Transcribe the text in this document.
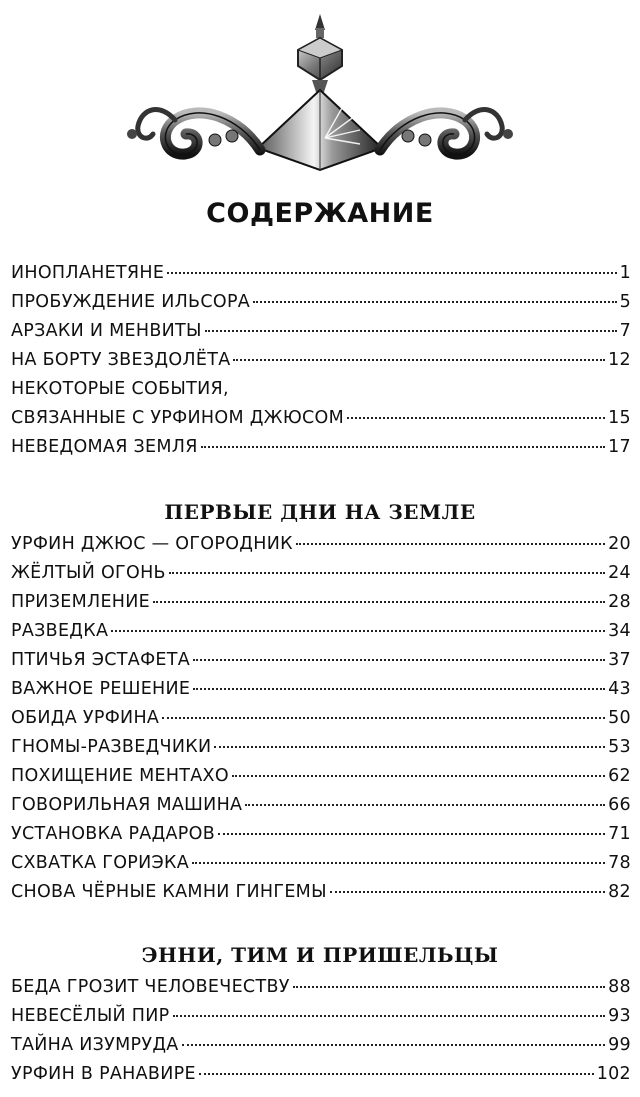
СОДЕРЖАНИЕ
ИНОПЛАНЕТЯНЕ	1
ПРОБУЖДЕНИЕ ИЛЬСОРА	5
АРЗАКИ И МЕНВИТЫ	7
НА БОРТУ ЗВЕЗДОЛЁТА	12
НЕКОТОРЫЕ СОБЫТИЯ,
СВЯЗАННЫЕ С УРФИНОМ ДЖЮСОМ	15
НЕВЕДОМАЯ ЗЕМЛЯ	17
ПЕРВЫЕ ДНИ НА ЗЕМЛЕ
УРФИН ДЖЮС — ОГОРОДНИК	20
ЖЁЛТЫЙ ОГОНЬ	24
ПРИЗЕМЛЕНИЕ	28
РАЗВЕДКА	34
ПТИЧЬЯ ЭСТАФЕТА	37
ВАЖНОЕ РЕШЕНИЕ	43
ОБИДА УРФИНА	50
ГНОМЫ-РАЗВЕДЧИКИ	53
ПОХИЩЕНИЕ МЕНТАХО	62
ГОВОРИЛЬНАЯ МАШИНА	66
УСТАНОВКА РАДАРОВ	71
СХВАТКА ГОРИЭКА	78
СНОВА ЧЁРНЫЕ КАМНИ ГИНГЕМЫ	82
ЭННИ, ТИМ И ПРИШЕЛЬЦЫ
БЕДА ГРОЗИТ ЧЕЛОВЕЧЕСТВУ	88
НЕВЕСЁЛЫЙ ПИР	93
ТАЙНА ИЗУМРУДА	99
УРФИН В РАНАВИРЕ	102
